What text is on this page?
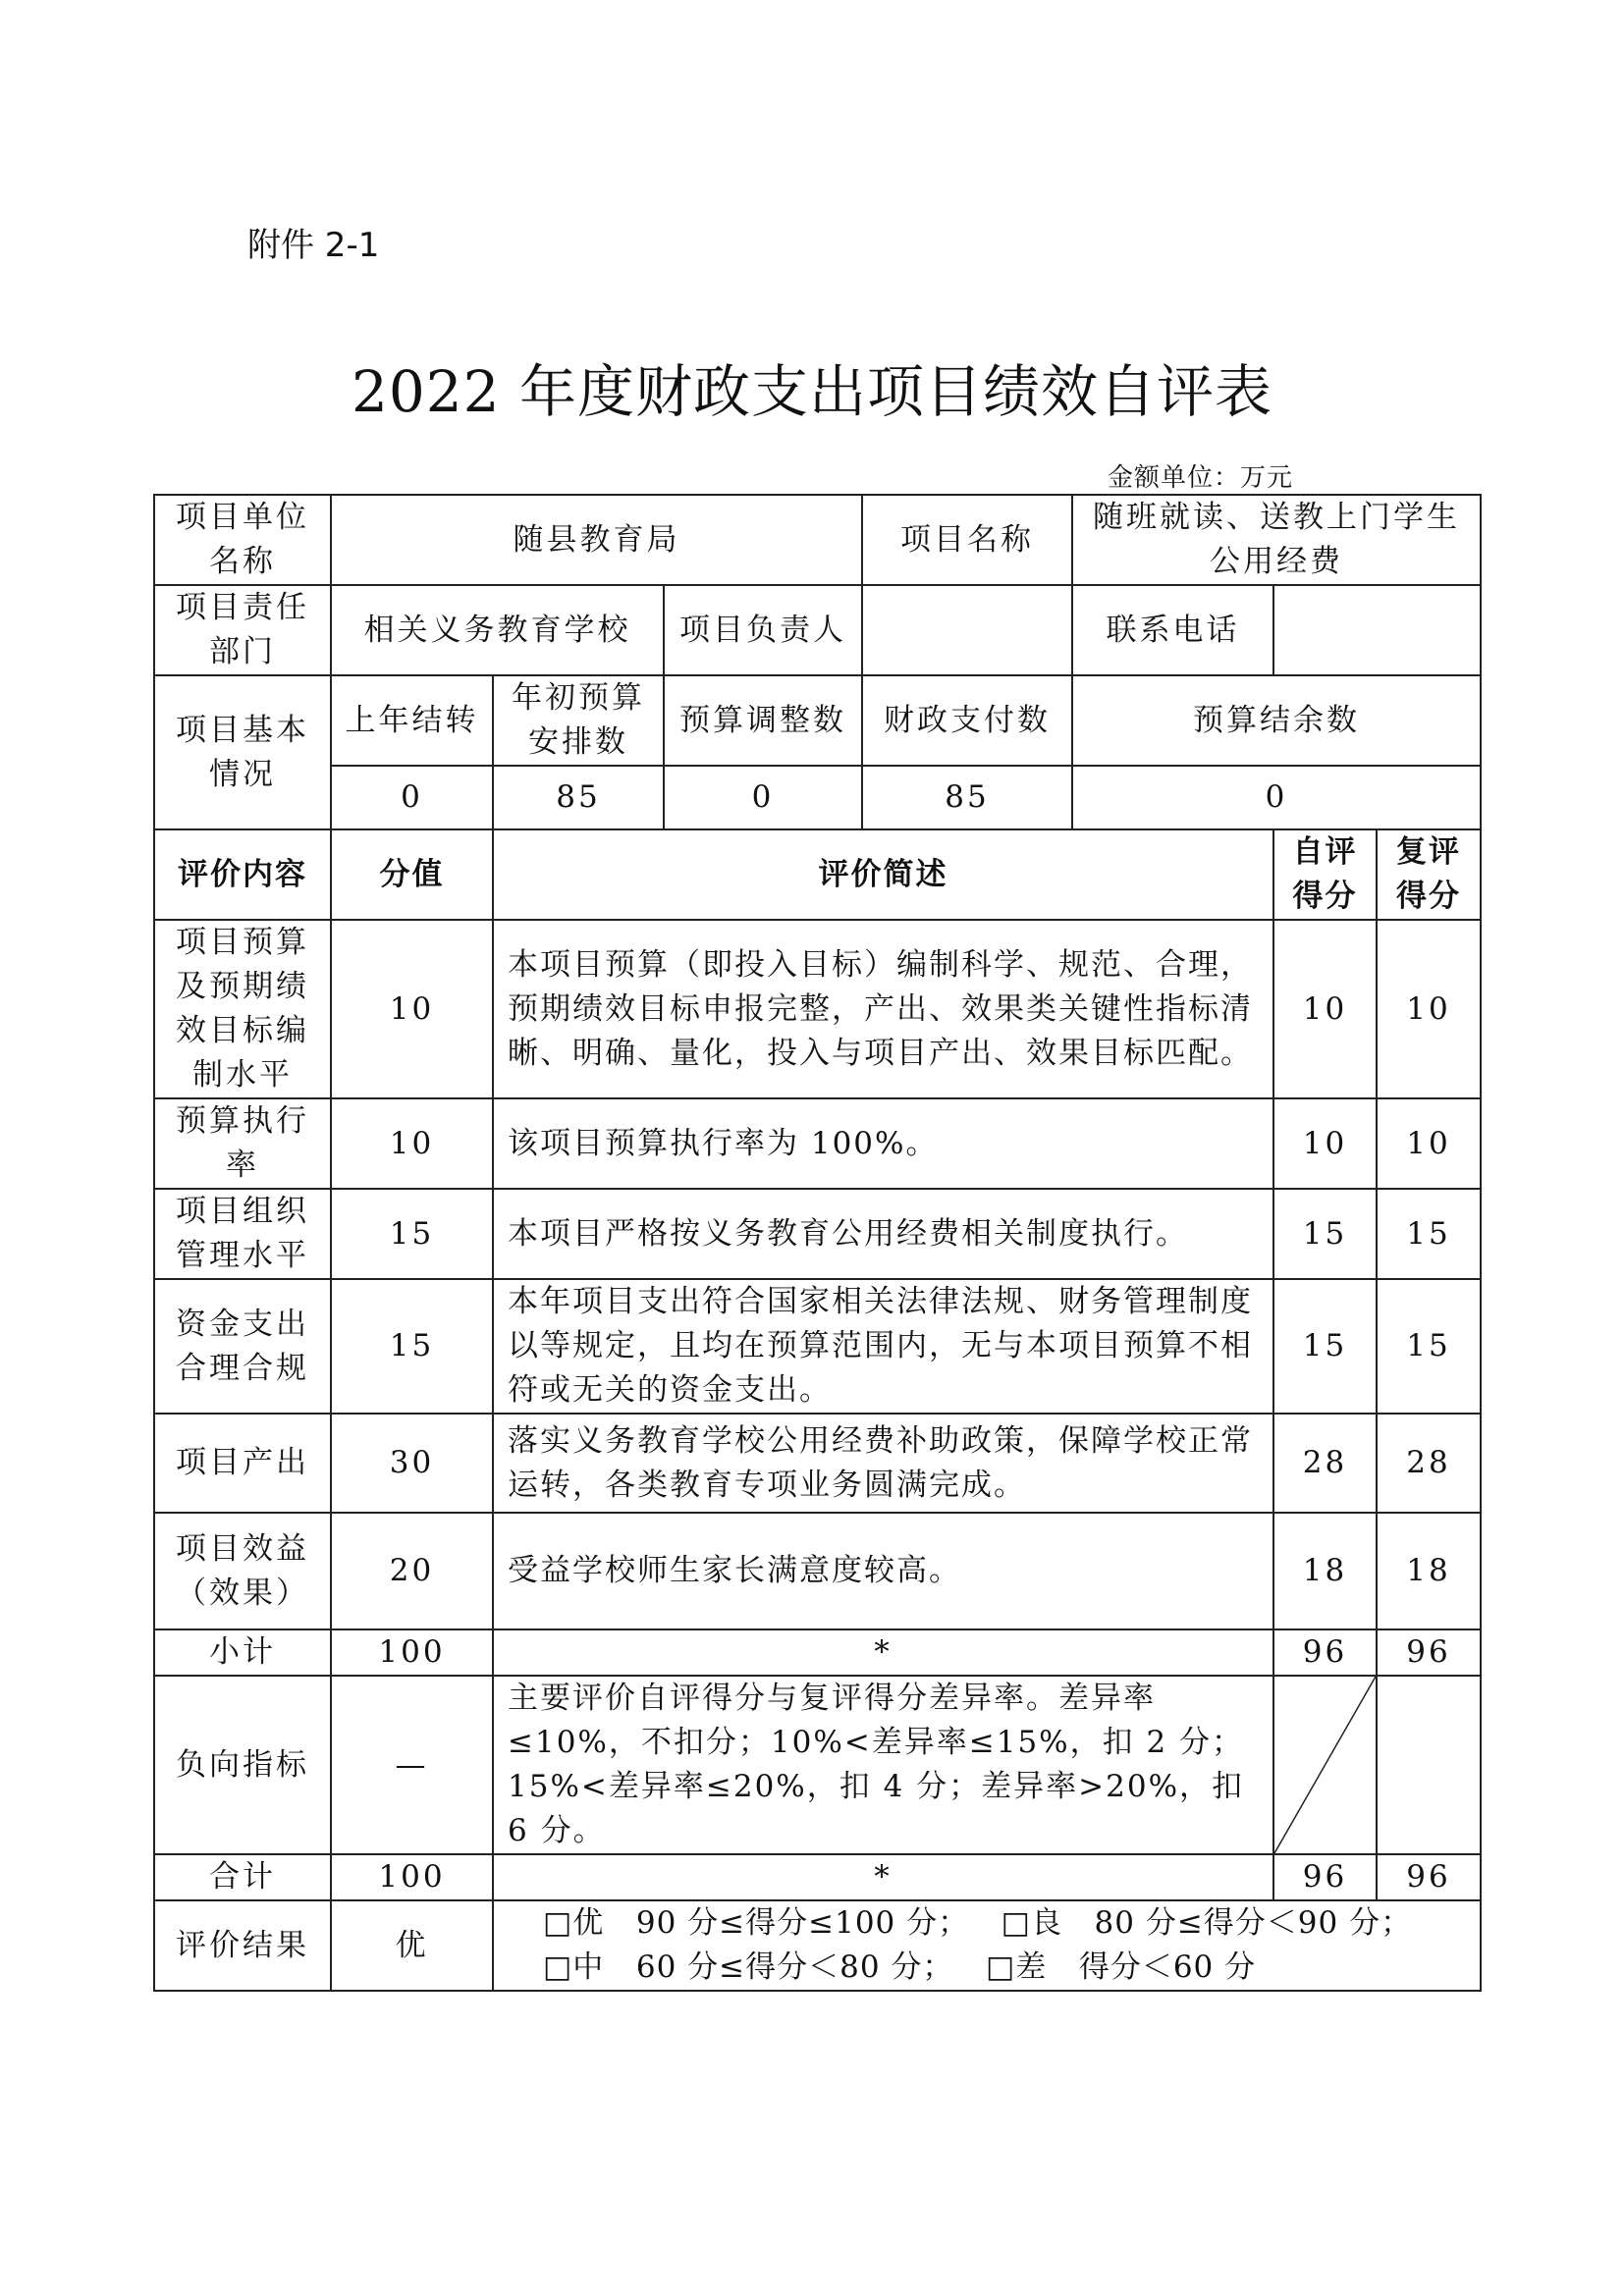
附件 2-1
2022 年度财政支出项目绩效自评表
金额单位：万元
项目单位名称	随县教育局			项目名称	随班就读、送教上门学生公用经费		
项目责任部门	相关义务教育学校		项目负责人		联系电话		
项目基本情况	上年结转	年初预算安排数	预算调整数	财政支付数	预算结余数		
	0	85	0	85	0		
评价内容	分值	评价简述				自评得分	复评得分
项目预算及预期绩效目标编制水平	10	本项目预算（即投入目标）编制科学、规范、合理，预期绩效目标申报完整，产出、效果类关键性指标清晰、明确、量化，投入与项目产出、效果目标匹配。				10	10
预算执行率	10	该项目预算执行率为 100%。				10	10
项目组织管理水平	15	本项目严格按义务教育公用经费相关制度执行。				15	15
资金支出合理合规	15	本年项目支出符合国家相关法律法规、财务管理制度以等规定，且均在预算范围内，无与本项目预算不相符或无关的资金支出。				15	15
项目产出	30	落实义务教育学校公用经费补助政策，保障学校正常运转，各类教育专项业务圆满完成。				28	28
项目效益（效果）	20	受益学校师生家长满意度较高。				18	18
小计	100	*				96	96
负向指标	—	主要评价自评得分与复评得分差异率。差异率≤10%，不扣分；10%<差异率≤15%，扣 2 分；15%<差异率≤20%，扣 4 分；差异率>20%，扣 6 分。	

合计	100	*				96	96
评价结果	优	□优   90 分≤得分≤100 分；   □良   80 分≤得分＜90 分；
□中   60 分≤得分＜80 分；   □差   得分＜60 分					
